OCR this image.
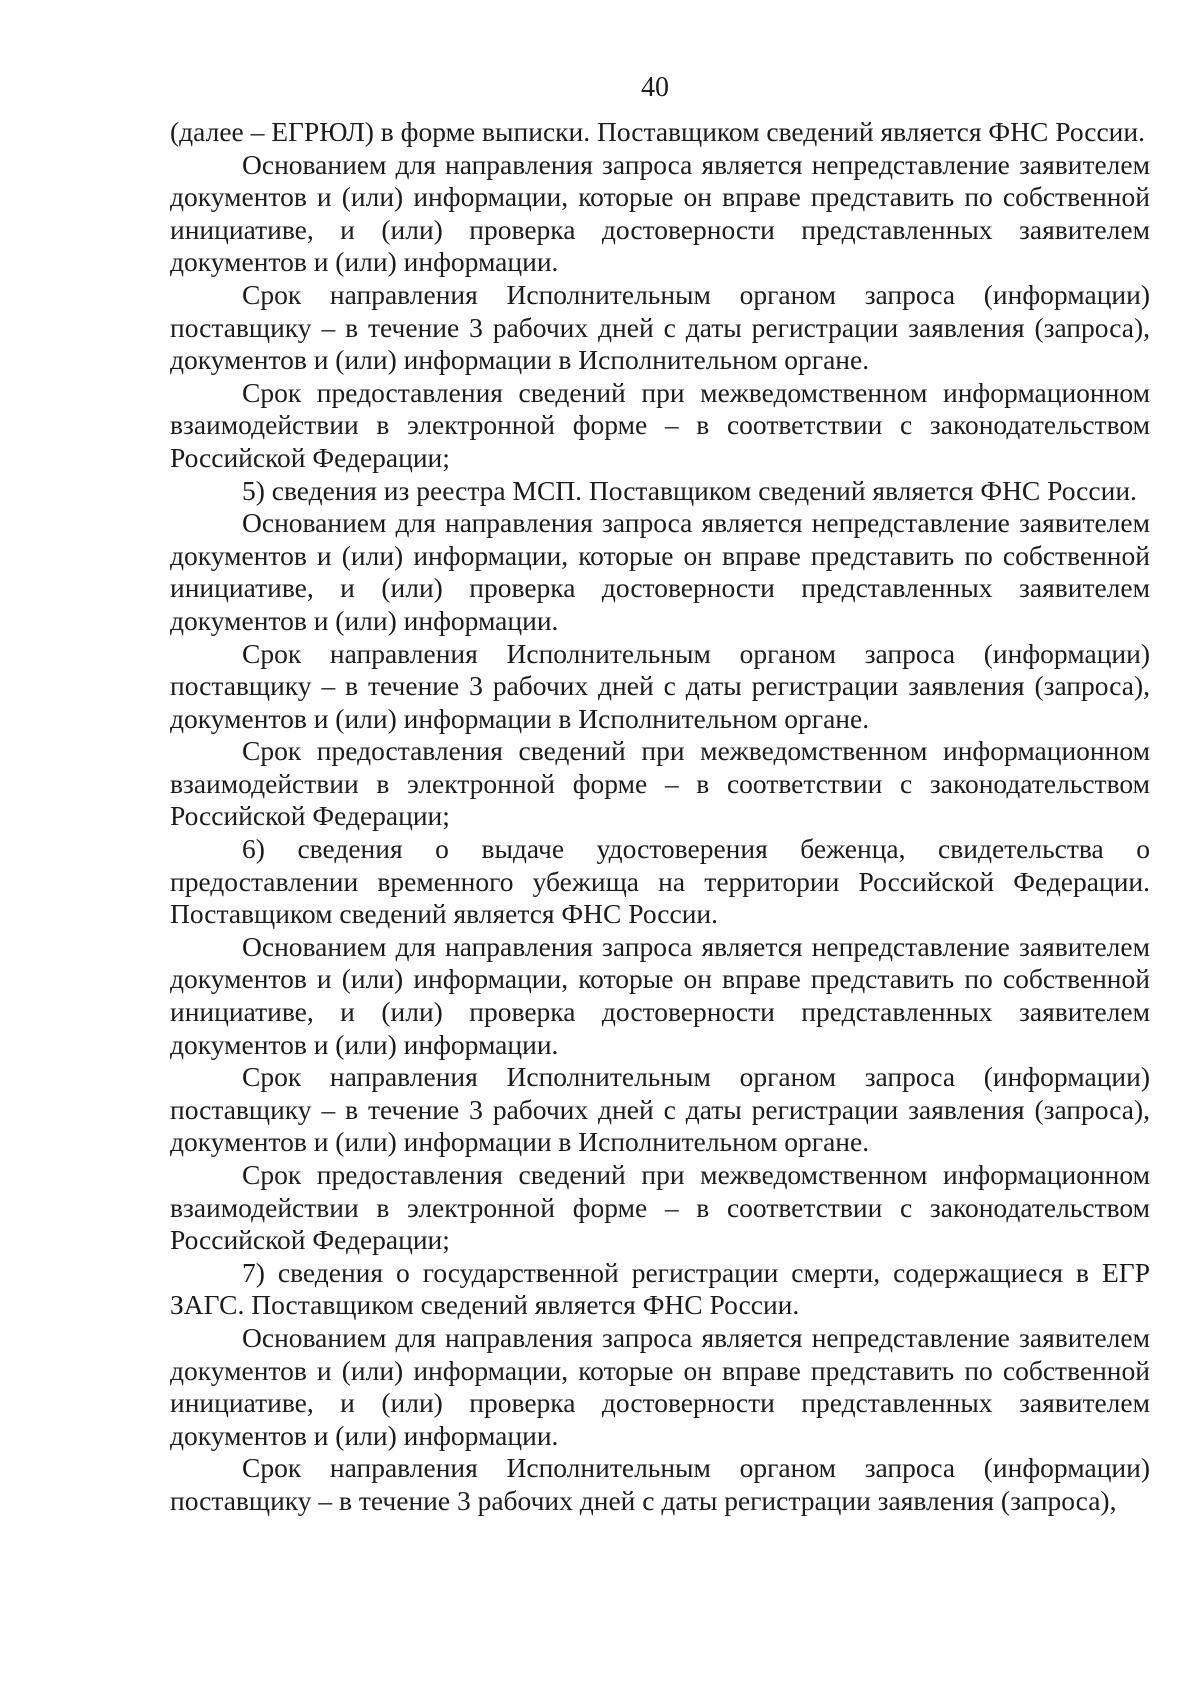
40

(далее – ЕГРЮЛ) в форме выписки. Поставщиком сведений является ФНС России.

Основанием для направления запроса является непредставление заявителем документов и (или) информации, которые он вправе представить по собственной инициативе, и (или) проверка достоверности представленных заявителем документов и (или) информации.

Срок направления Исполнительным органом запроса (информации) поставщику – в течение 3 рабочих дней с даты регистрации заявления (запроса), документов и (или) информации в Исполнительном органе.

Срок предоставления сведений при межведомственном информационном взаимодействии в электронной форме – в соответствии с законодательством Российской Федерации;

5) сведения из реестра МСП. Поставщиком сведений является ФНС России.

Основанием для направления запроса является непредставление заявителем документов и (или) информации, которые он вправе представить по собственной инициативе, и (или) проверка достоверности представленных заявителем документов и (или) информации.

Срок направления Исполнительным органом запроса (информации) поставщику – в течение 3 рабочих дней с даты регистрации заявления (запроса), документов и (или) информации в Исполнительном органе.

Срок предоставления сведений при межведомственном информационном взаимодействии в электронной форме – в соответствии с законодательством Российской Федерации;

6) сведения о выдаче удостоверения беженца, свидетельства о предоставлении временного убежища на территории Российской Федерации. Поставщиком сведений является ФНС России.

Основанием для направления запроса является непредставление заявителем документов и (или) информации, которые он вправе представить по собственной инициативе, и (или) проверка достоверности представленных заявителем документов и (или) информации.

Срок направления Исполнительным органом запроса (информации) поставщику – в течение 3 рабочих дней с даты регистрации заявления (запроса), документов и (или) информации в Исполнительном органе.

Срок предоставления сведений при межведомственном информационном взаимодействии в электронной форме – в соответствии с законодательством Российской Федерации;

7) сведения о государственной регистрации смерти, содержащиеся в ЕГР ЗАГС. Поставщиком сведений является ФНС России.

Основанием для направления запроса является непредставление заявителем документов и (или) информации, которые он вправе представить по собственной инициативе, и (или) проверка достоверности представленных заявителем документов и (или) информации.

Срок направления Исполнительным органом запроса (информации) поставщику – в течение 3 рабочих дней с даты регистрации заявления (запроса),
